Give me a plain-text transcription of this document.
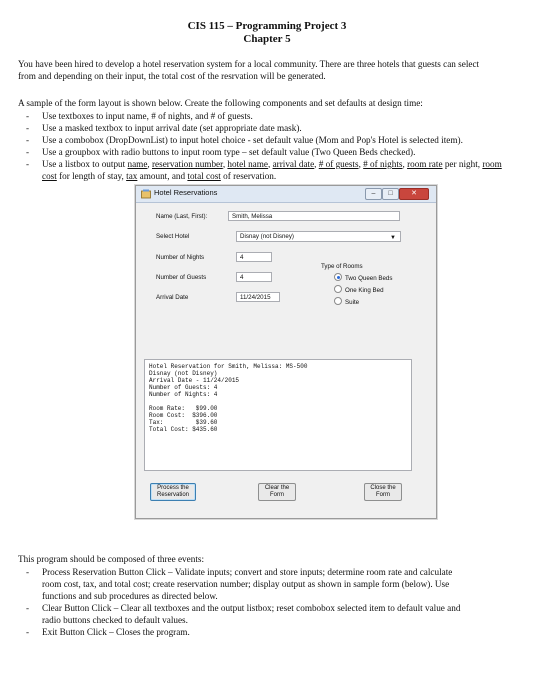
CIS 115 – Programming Project 3
Chapter 5
You have been hired to develop a hotel reservation system for a local community. There are three hotels that guests can select
from and depending on their input, the total cost of the resrvation will be generated.
A sample of the form layout is shown below. Create the following components and set defaults at design time:
- Use textboxes to input name, # of nights, and # of guests.
- Use a masked textbox to input arrival date (set appropriate date mask).
- Use a combobox (DropDownList) to input hotel choice - set default value (Mom and Pop's Hotel is selected item).
- Use a groupbox with radio buttons to input room type – set default value (Two Queen Beds checked).
- Use a listbox to output name, reservation number, hotel name, arrival date, # of guests, # of nights, room rate per night, room cost for length of stay, tax amount, and total cost of reservation.
Hotel Reservations	–	□	✕
Name (Last, First):	Smith, Melissa
Select Hotel	Disnay (not Disney)	▼
Number of Nights	4
Number of Guests	4
Arrival Date	11/24/2015
Type of Rooms
Two Queen Beds
One King Bed
Suite
Hotel Reservation for Smith, Melissa: MS-500
Disnay (not Disney)
Arrival Date - 11/24/2015
Number of Guests: 4
Number of Nights: 4
Room Rate:   $99.00
Room Cost:  $396.00
Tax:         $39.60
Total Cost: $435.60
Process the Reservation
Clear the Form
Close the Form
This program should be composed of three events:
- Process Reservation Button Click – Validate inputs; convert and store inputs; determine room rate and calculate
room cost, tax, and total cost; create reservation number; display output as shown in sample form (below). Use
functions and sub procedures as directed below.
- Clear Button Click – Clear all textboxes and the output listbox; reset combobox selected item to default value and
radio buttons checked to default values.
- Exit Button Click – Closes the program.
